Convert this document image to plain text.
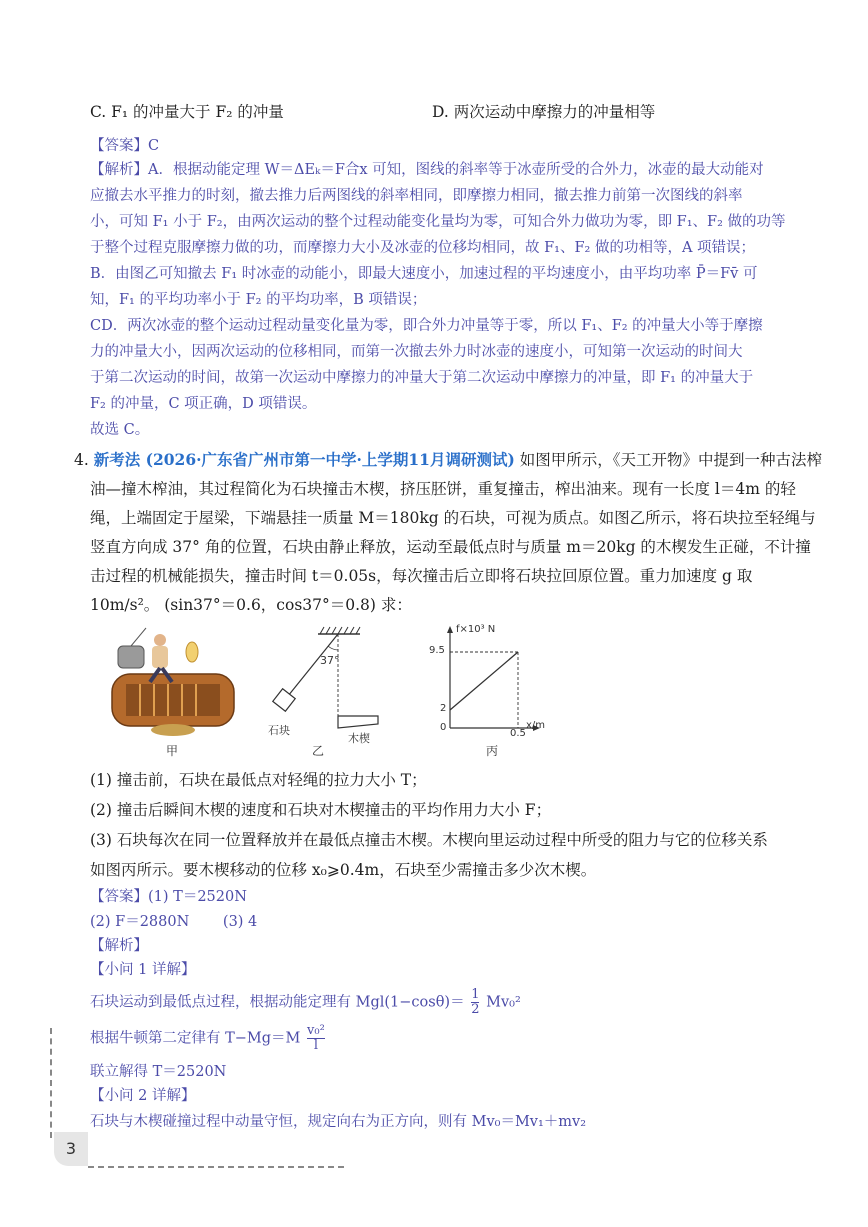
C. F₁ 的冲量大于 F₂ 的冲量	D. 两次运动中摩擦力的冲量相等
【答案】C
【解析】A．根据动能定理 W＝ΔEₖ＝F合x 可知，图线的斜率等于冰壶所受的合外力，冰壶的最大动能对
应撤去水平推力的时刻，撤去推力后两图线的斜率相同，即摩擦力相同，撤去推力前第一次图线的斜率
小，可知 F₁ 小于 F₂，由两次运动的整个过程动能变化量均为零，可知合外力做功为零，即 F₁、F₂ 做的功等
于整个过程克服摩擦力做的功，而摩擦力大小及冰壶的位移均相同，故 F₁、F₂ 做的功相等，A 项错误；
B．由图乙可知撤去 F₁ 时冰壶的动能小，即最大速度小，加速过程的平均速度小，由平均功率 P̄＝Fv̄ 可
知，F₁ 的平均功率小于 F₂ 的平均功率，B 项错误；
CD．两次冰壶的整个运动过程动量变化量为零，即合外力冲量等于零，所以 F₁、F₂ 的冲量大小等于摩擦
力的冲量大小，因两次运动的位移相同，而第一次撤去外力时冰壶的速度小，可知第一次运动的时间大
于第二次运动的时间，故第一次运动中摩擦力的冲量大于第二次运动中摩擦力的冲量，即 F₁ 的冲量大于
F₂ 的冲量，C 项正确，D 项错误。
故选 C。
4. 新考法 (2026·广东省广州市第一中学·上学期11月调研测试) 如图甲所示，《天工开物》中提到一种古法榨
油—撞木榨油，其过程简化为石块撞击木楔，挤压胚饼，重复撞击，榨出油来。现有一长度 l＝4m 的轻
绳，上端固定于屋梁，下端悬挂一质量 M＝180kg 的石块，可视为质点。如图乙所示，将石块拉至轻绳与
竖直方向成 37° 角的位置，石块由静止释放，运动至最低点时与质量 m＝20kg 的木楔发生正碰，不计撞
击过程的机械能损失，撞击时间 t＝0.05s，每次撞击后立即将石块拉回原位置。重力加速度 g 取
10m/s²。 (sin37°＝0.6，cos37°＝0.8) 求：
甲
37°
石块
木楔
乙
f×10³ N
x/m
9.5
2
0
0.5
丙
(1) 撞击前，石块在最低点对轻绳的拉力大小 T；
(2) 撞击后瞬间木楔的速度和石块对木楔撞击的平均作用力大小 F；
(3) 石块每次在同一位置释放并在最低点撞击木楔。木楔向里运动过程中所受的阻力与它的位移关系
如图丙所示。要木楔移动的位移 x₀⩾0.4m，石块至少需撞击多少次木楔。
【答案】(1) T＝2520N
(2) F＝2880N　　 (3) 4
【解析】
【小问 1 详解】
石块运动到最低点过程，根据动能定理有 $Mgl(1-\cos\theta)= \frac{1}{2} Mv_0^2$
根据牛顿第二定律有 $T-Mg=M \frac{\text{v₀²}}{l}$
联立解得 T＝2520N
【小问 2 详解】
石块与木楔碰撞过程中动量守恒，规定向右为正方向，则有 Mv₀＝Mv₁＋mv₂
3
